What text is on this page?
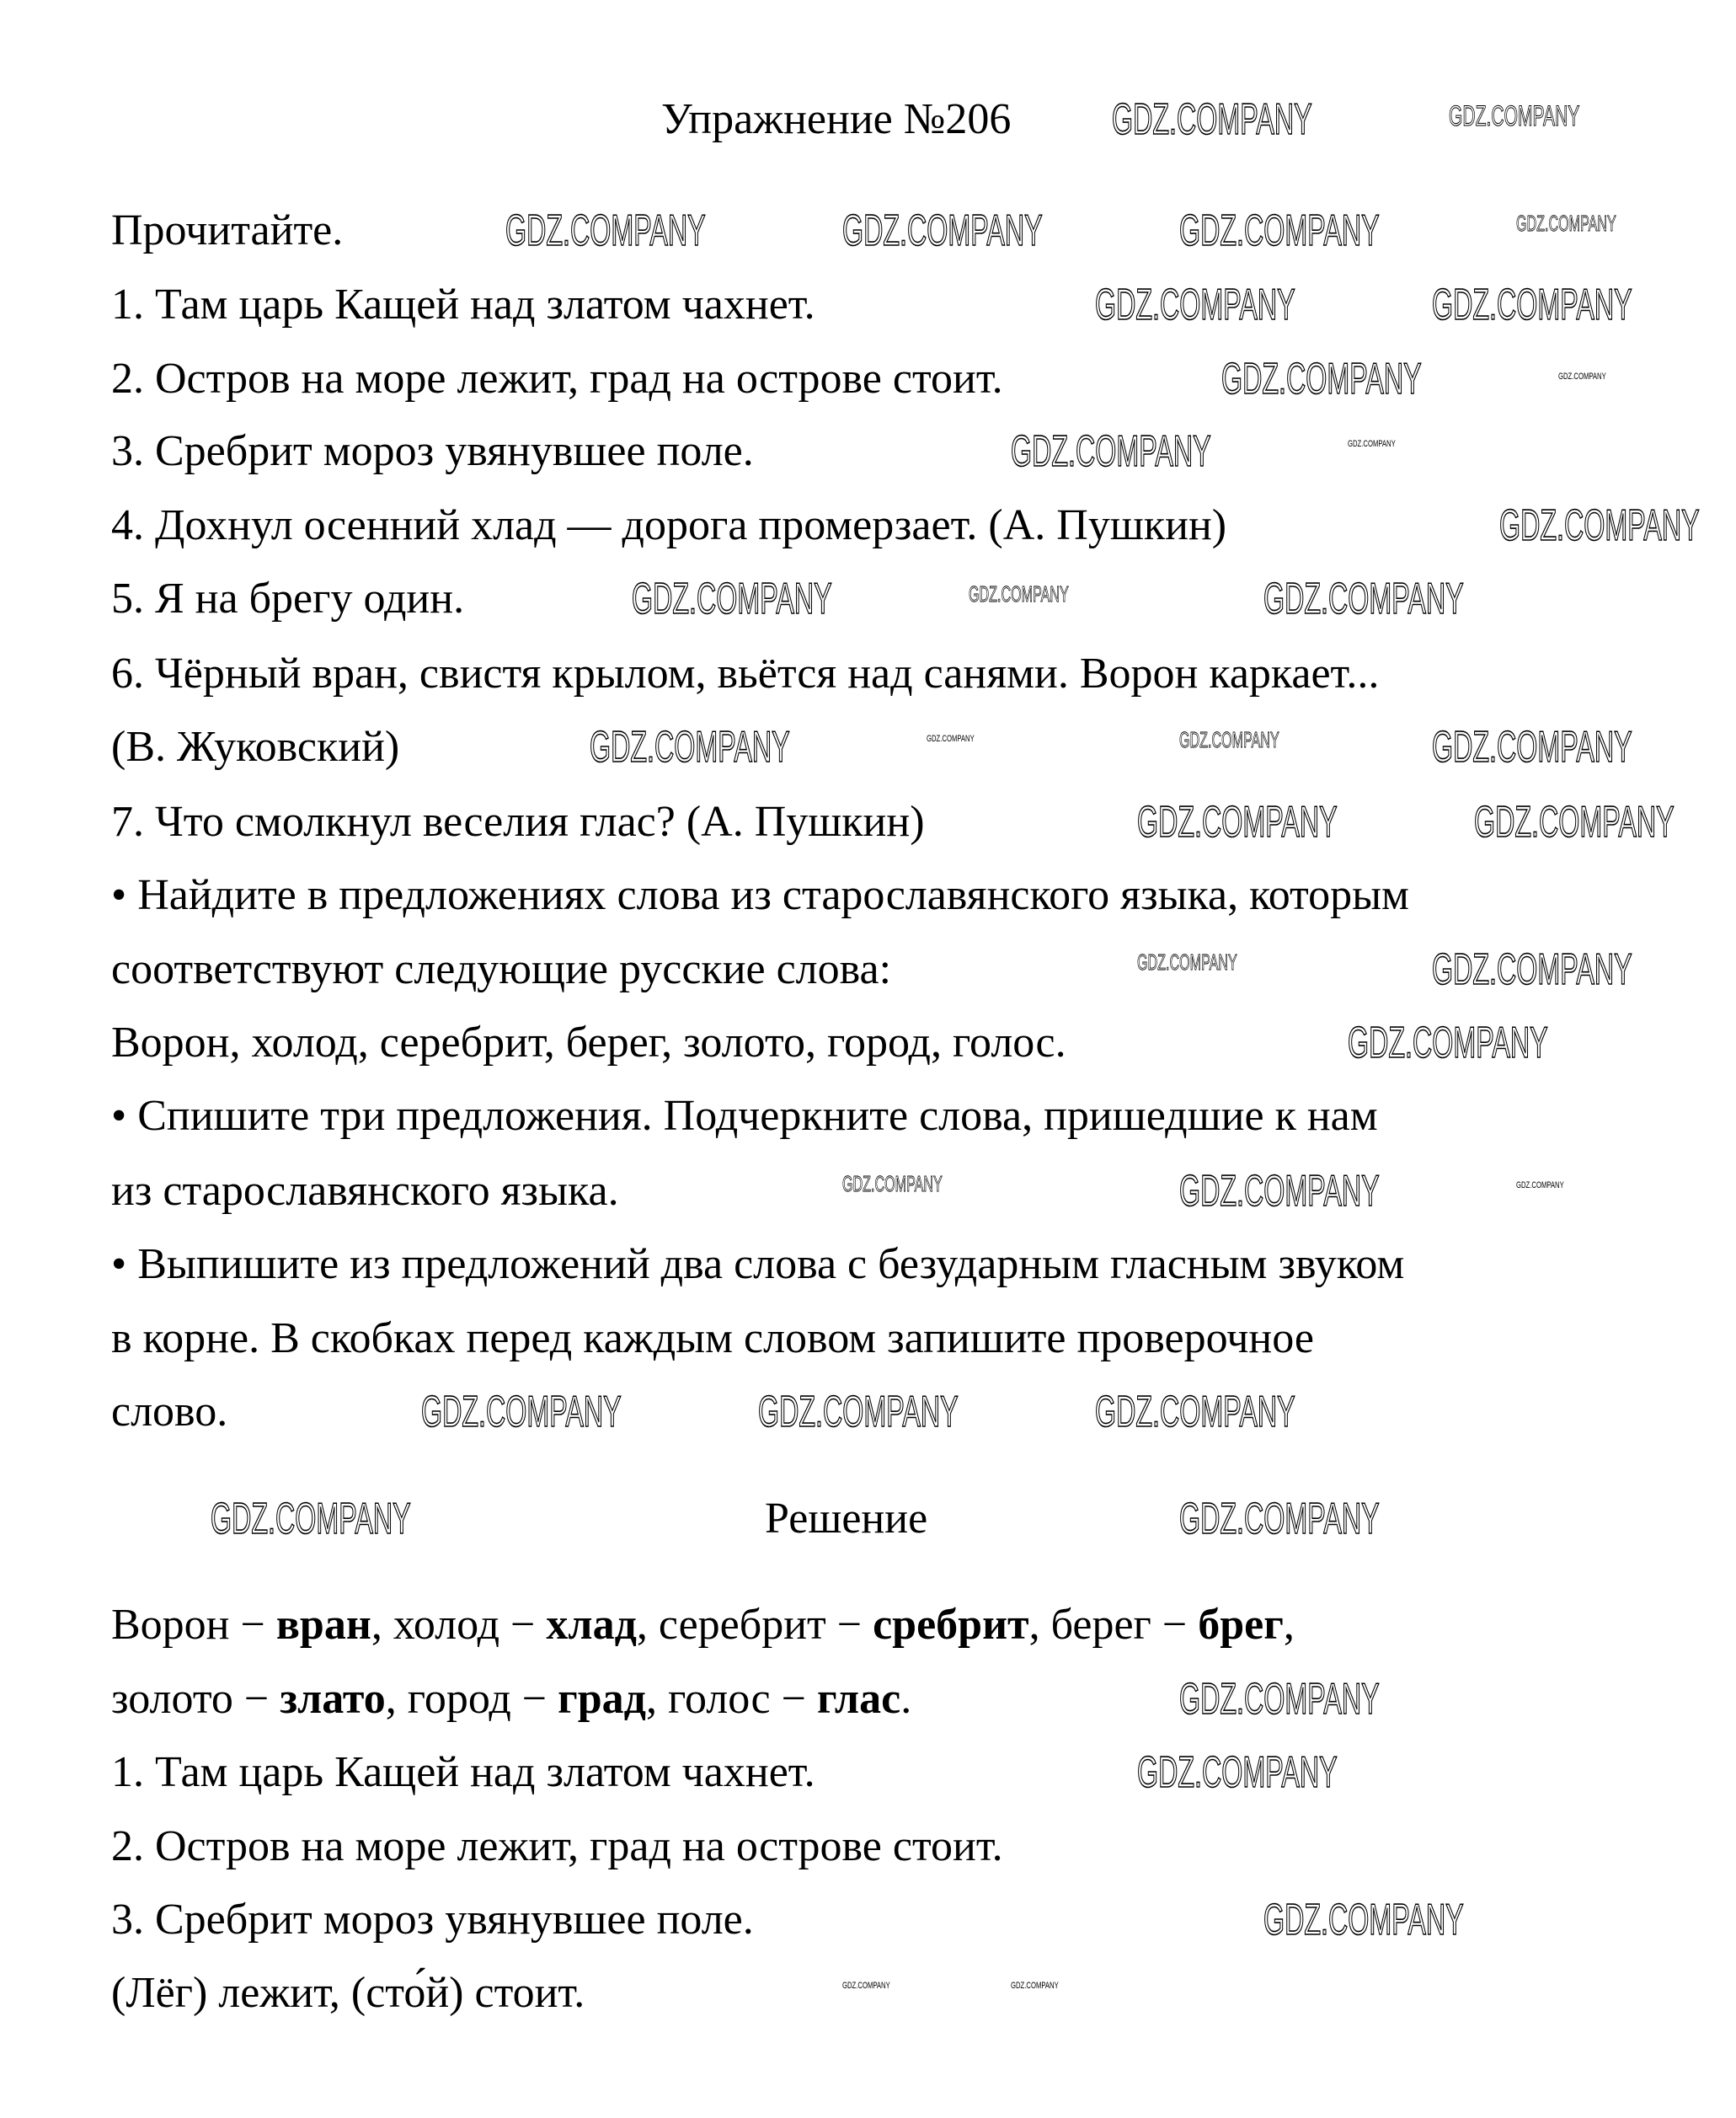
Упражнение №206
Прочитайте.
1. Там царь Кащей над златом чахнет.
2. Остров на море лежит, град на острове стоит.
3. Сребрит мороз увянувшее поле.
4. Дохнул осенний хлад — дорога промерзает. (А. Пушкин)
5. Я на брегу один.
6. Чёрный вран, свистя крылом, вьётся над санями. Ворон каркает...
(В. Жуковский)
7. Что смолкнул веселия глас? (А. Пушкин)
• Найдите в предложениях слова из старославянского языка, которым
соответствуют следующие русские слова:
Ворон, холод, серебрит, берег, золото, город, голос.
• Спишите три предложения. Подчеркните слова, пришедшие к нам
из старославянского языка.
• Выпишите из предложений два слова с безударным гласным звуком
в корне. В скобках перед каждым словом запишите проверочное
слово.
Решение
Ворон − вран, холод − хлад, серебрит − сребрит, берег − брег,
золото − злато, город − град, голос − глас.
1. Там царь Кащей над златом чахнет.
2. Остров на море лежит, град на острове стоит.
3. Сребрит мороз увянувшее поле.
(Лёг) лежит, (сто́й) стоит.
GDZ.COMPANY	GDZ.COMPANY
GDZ.COMPANY	GDZ.COMPANY	GDZ.COMPANY	GDZ.COMPANY
GDZ.COMPANY	GDZ.COMPANY
GDZ.COMPANY	GDZ.COMPANY
GDZ.COMPANY	GDZ.COMPANY
GDZ.COMPANY
GDZ.COMPANY	GDZ.COMPANY	GDZ.COMPANY
GDZ.COMPANY	GDZ.COMPANY	GDZ.COMPANY	GDZ.COMPANY
GDZ.COMPANY	GDZ.COMPANY
GDZ.COMPANY	GDZ.COMPANY
GDZ.COMPANY
GDZ.COMPANY	GDZ.COMPANY	GDZ.COMPANY
GDZ.COMPANY	GDZ.COMPANY	GDZ.COMPANY
GDZ.COMPANY	GDZ.COMPANY
GDZ.COMPANY
GDZ.COMPANY
GDZ.COMPANY
GDZ.COMPANY	GDZ.COMPANY
